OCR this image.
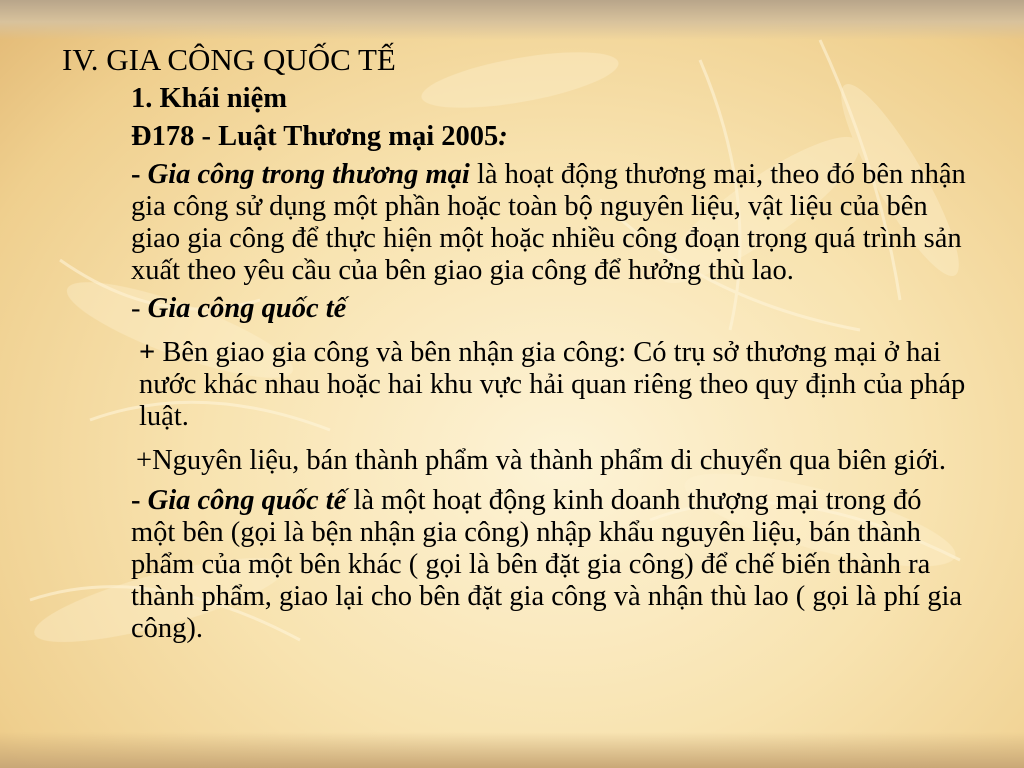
IV. GIA CÔNG QUỐC TẾ

1. Khái niệm

Đ178 - Luật Thương mại 2005:

- Gia công trong thương mại là hoạt động thương mại, theo đó bên nhận gia công sử dụng một phần hoặc toàn bộ nguyên liệu, vật liệu của bên giao gia công để thực hiện một hoặc nhiều công đoạn trọng quá trình sản xuất theo yêu cầu của bên giao gia công để hưởng thù lao.

- Gia công quốc tế

+ Bên giao gia công và bên nhận gia công: Có trụ sở thương mại ở hai nước khác nhau hoặc hai khu vực hải quan riêng theo quy định của pháp luật.

+Nguyên liệu, bán thành phẩm và thành phẩm di chuyển qua biên giới.

- Gia công quốc tế là một hoạt động kinh doanh thượng mại trong đó một bên (gọi là bện nhận gia công) nhập khẩu nguyên liệu, bán thành phẩm của một bên khác ( gọi là bên đặt gia công) để chế biến thành ra thành phẩm, giao lại cho bên đặt gia công và nhận thù lao ( gọi là phí gia công).
